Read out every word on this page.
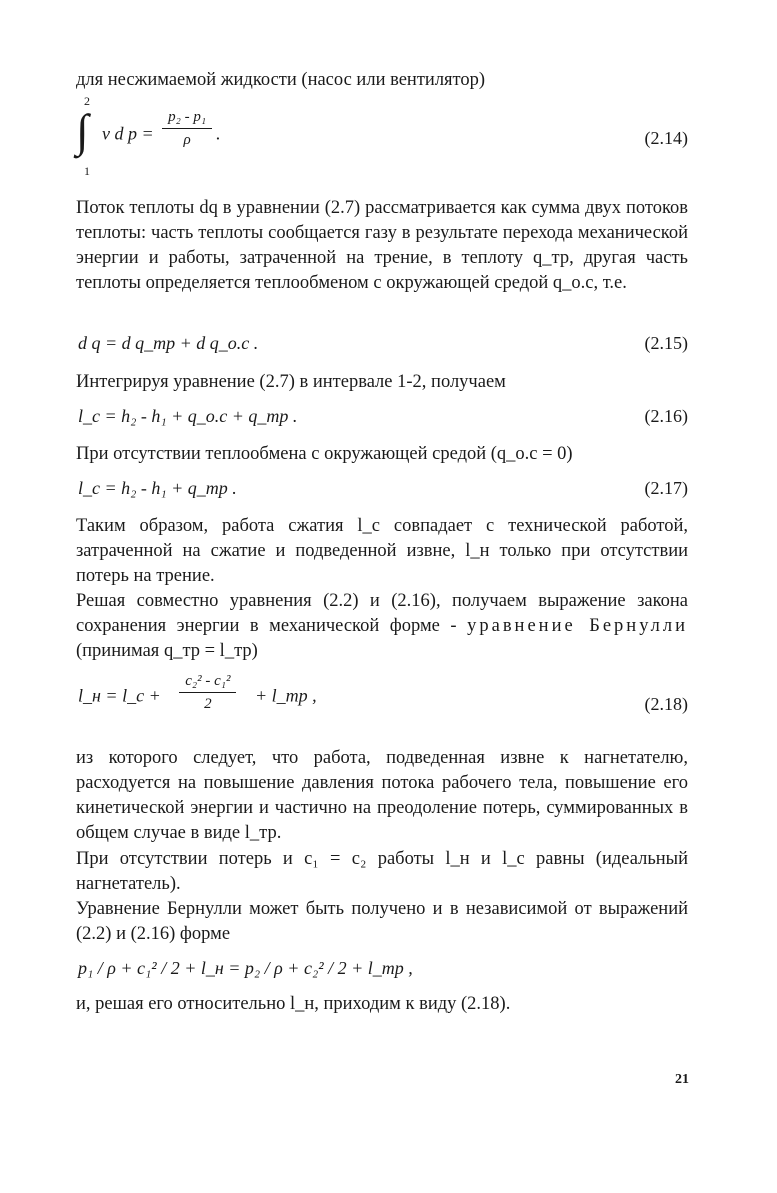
для несжимаемой жидкости (насос или вентилятор)
2
∫
1
v d $p = \frac{\text{p₂ - p₁}}{\rho}$ .	(2.14)
Поток теплоты dq в уравнении (2.7) рассматривается как сумма двух потоков теплоты: часть теплоты сообщается газу в результате перехода механической энергии и работы, затраченной на трение, в теплоту q_тр, другая часть теплоты определяется теплообменом с окружающей средой q_о.с, т.е.
d q = d q_тр + d q_о.с .	(2.15)
Интегрируя уравнение (2.7) в интервале 1-2, получаем
l_с = h₂ - h₁ + q_о.с + q_тр .	(2.16)
При отсутствии теплообмена с окружающей средой (q_о.с = 0)
l_с = h₂ - h₁ + q_тр .	(2.17)
Таким образом, работа сжатия l_с совпадает с технической работой, затраченной на сжатие и подведенной извне, l_н только при отсутствии потерь на трение.
Решая совместно уравнения (2.2) и (2.16), получаем выражение закона сохранения энергии в механической форме - уравнение Бернулли (принимая q_тр = l_тр)
l_н = l_с + $\frac{\text{c₂² - c₁²}}{2}$ + l_тр ,	(2.18)
из которого следует, что работа, подведенная извне к нагнетателю, расходуется на повышение давления потока рабочего тела, повышение его кинетической энергии и частично на преодоление потерь, суммированных в общем случае в виде l_тр.
При отсутствии потерь и c₁ = c₂ работы l_н и l_с равны (идеальный нагнетатель).
Уравнение Бернулли может быть получено и в независимой от выражений (2.2) и (2.16) форме
p₁ / ρ + c₁² / 2 + l_н = p₂ / ρ + c₂² / 2 + l_тр ,
и, решая его относительно l_н, приходим к виду (2.18).
21
